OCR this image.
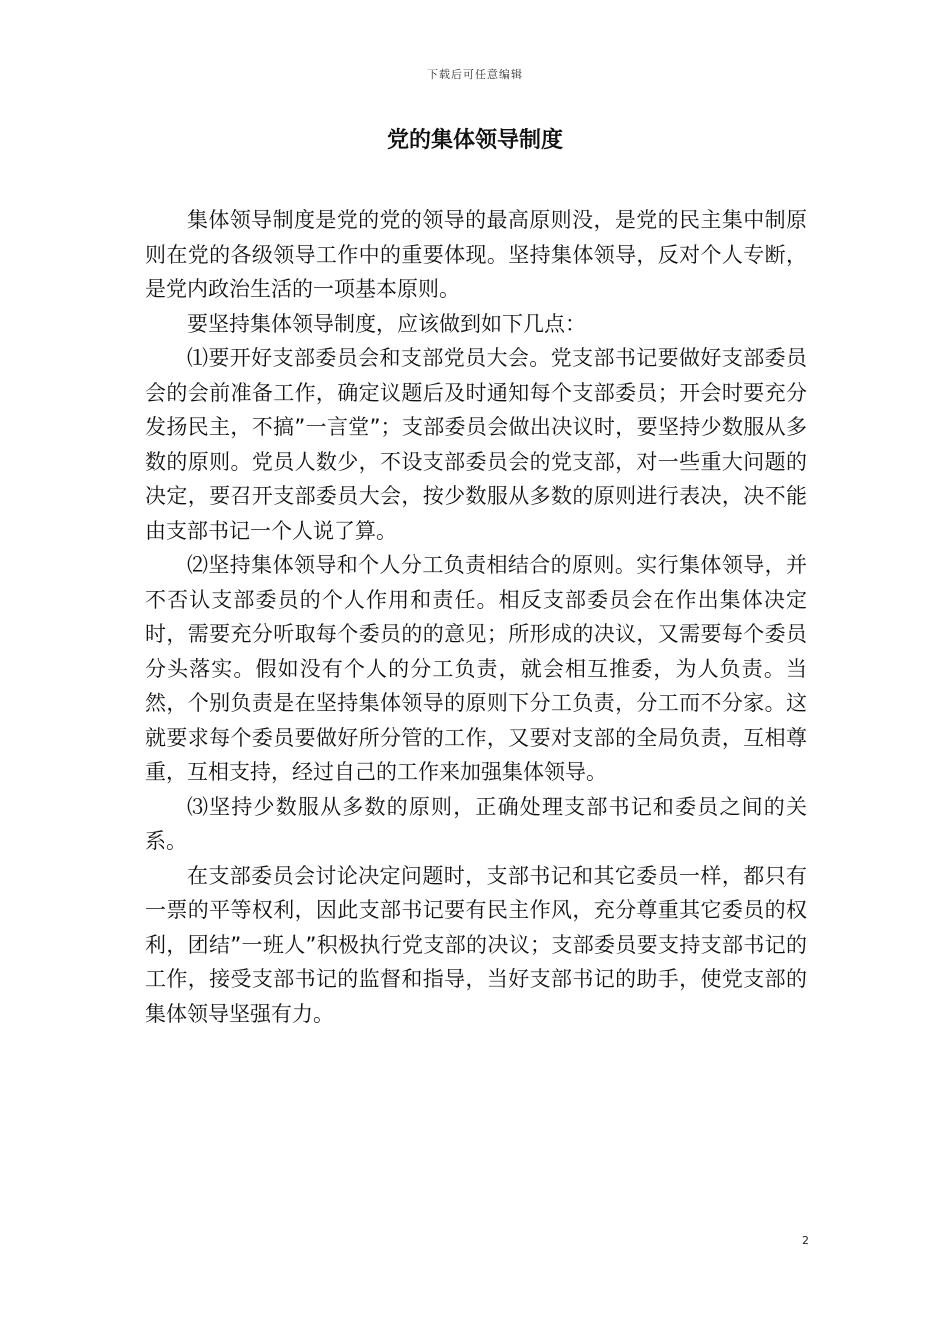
下载后可任意编辑
党的集体领导制度

集体领导制度是党的党的领导的最高原则没，是党的民主集中制原则在党的各级领导工作中的重要体现。坚持集体领导，反对个人专断，是党内政治生活的一项基本原则。

要坚持集体领导制度，应该做到如下几点：

⑴要开好支部委员会和支部党员大会。党支部书记要做好支部委员会的会前准备工作，确定议题后及时通知每个支部委员；开会时要充分发扬民主，不搞”一言堂”；支部委员会做出决议时，要坚持少数服从多数的原则。党员人数少，不设支部委员会的党支部，对一些重大问题的决定，要召开支部委员大会，按少数服从多数的原则进行表决，决不能由支部书记一个人说了算。

⑵坚持集体领导和个人分工负责相结合的原则。实行集体领导，并不否认支部委员的个人作用和责任。相反支部委员会在作出集体决定时，需要充分听取每个委员的的意见；所形成的决议，又需要每个委员分头落实。假如没有个人的分工负责，就会相互推委，为人负责。当然，个别负责是在坚持集体领导的原则下分工负责，分工而不分家。这就要求每个委员要做好所分管的工作，又要对支部的全局负责，互相尊重，互相支持，经过自己的工作来加强集体领导。

⑶坚持少数服从多数的原则，正确处理支部书记和委员之间的关系。

在支部委员会讨论决定问题时，支部书记和其它委员一样，都只有一票的平等权利，因此支部书记要有民主作风，充分尊重其它委员的权利，团结”一班人”积极执行党支部的决议；支部委员要支持支部书记的工作，接受支部书记的监督和指导，当好支部书记的助手，使党支部的集体领导坚强有力。

2
